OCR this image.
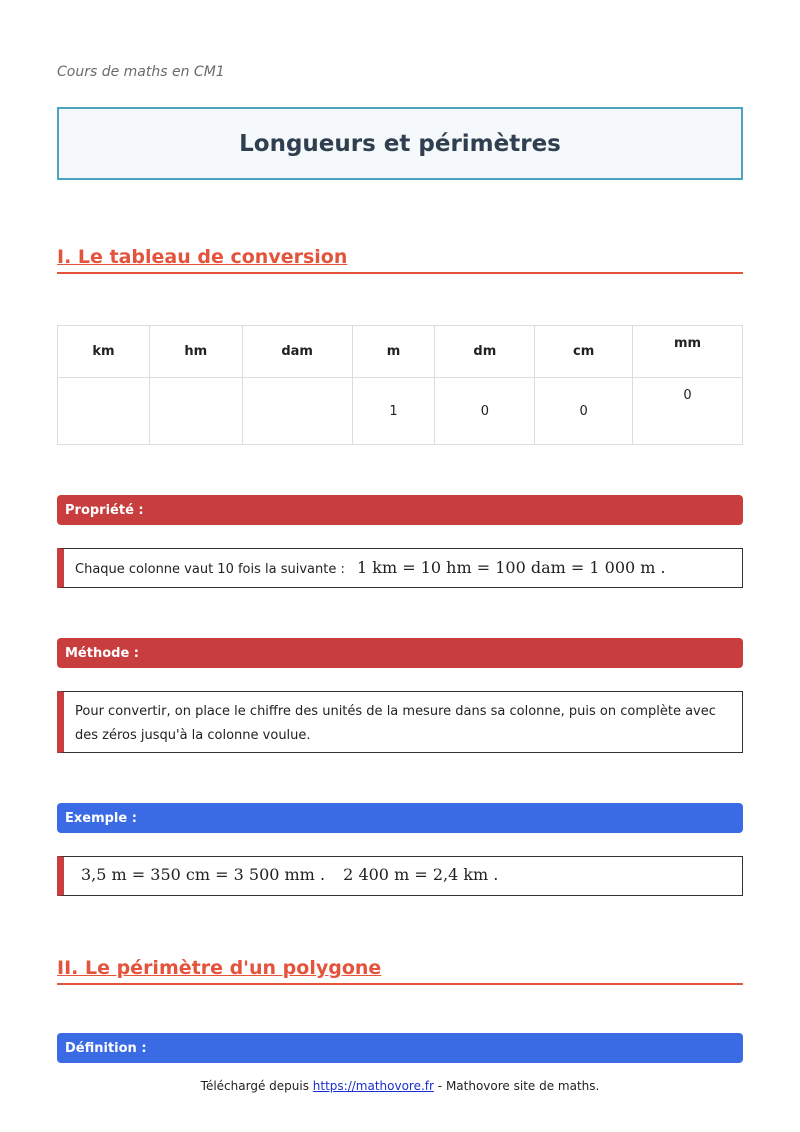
Cours de maths en CM1
Longueurs et périmètres
I. Le tableau de conversion
km	hm	dam	m	dm	cm	mm
			1	0	0	0
Propriété :
Chaque colonne vaut 10 fois la suivante : 1 km = 10 hm = 100 dam = 1 000 m .
Méthode :
Pour convertir, on place le chiffre des unités de la mesure dans sa colonne, puis on complète avec des zéros jusqu'à la colonne voulue.
Exemple :
3,5 m = 350 cm = 3 500 mm . 2 400 m = 2,4 km .
II. Le périmètre d'un polygone
Définition :
Téléchargé depuis https://mathovore.fr - Mathovore site de maths.
